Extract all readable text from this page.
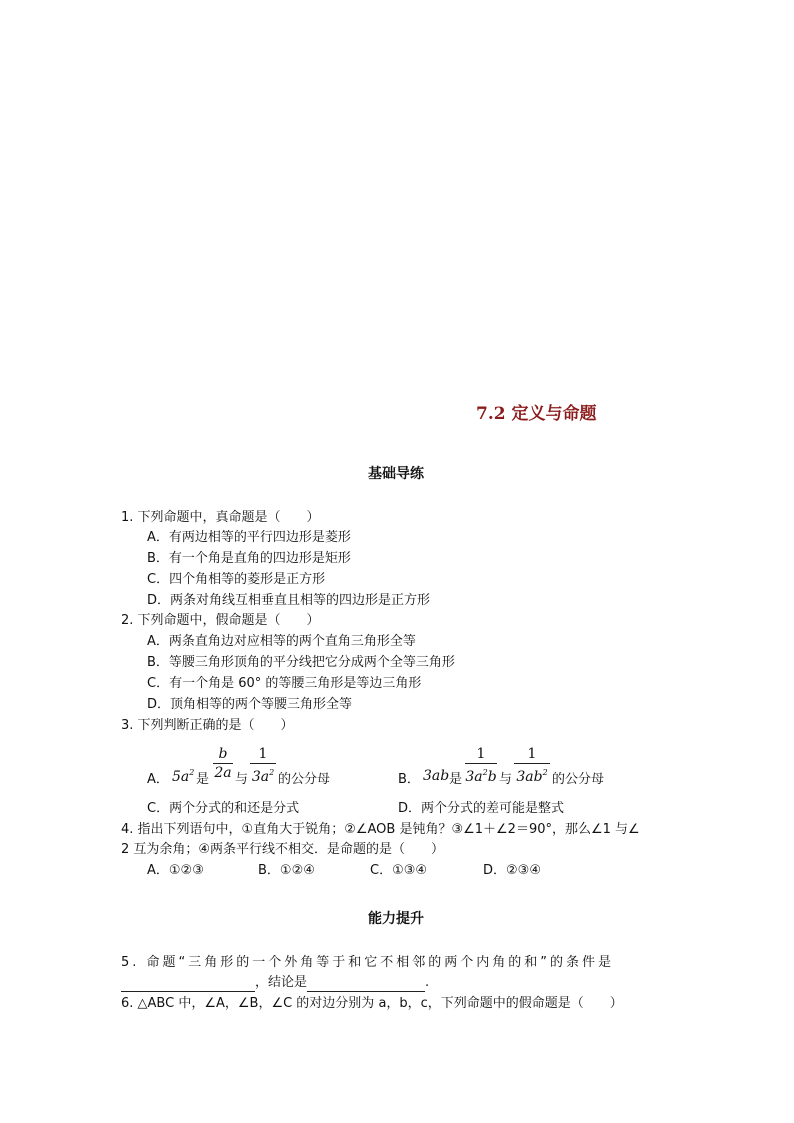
7.2 定义与命题
基础导练
1. 下列命题中，真命题是（　　）
A．有两边相等的平行四边形是菱形
B．有一个角是直角的四边形是矩形
C．四个角相等的菱形是正方形
D．两条对角线互相垂直且相等的四边形是正方形
2. 下列命题中，假命题是（　　）
A．两条直角边对应相等的两个直角三角形全等
B．等腰三角形顶角的平分线把它分成两个全等三角形
C．有一个角是 60° 的等腰三角形是等边三角形
D．顶角相等的两个等腰三角形全等
3. 下列判断正确的是（　　）
A． $5a^2$ 是
b
2a 与
1
$3a^2$ 的公分母	B． 3ab 是
1
$3a^2b$ 与
1
$3ab^2$ 的公分母
C．两个分式的和还是分式	D．两个分式的差可能是整式
4. 指出下列语句中，①直角大于锐角；②∠AOB 是钝角？③∠1＋∠2＝90°，那么∠1 与∠
2 互为余角；④两条平行线不相交．是命题的是（　　）
A．①②③	B．①②④	C．①③④	D．②③④
能力提升
5. 命题“三角形的一个外角等于和它不相邻的两个内角的和”的条件是
，结论是	.
6. △ABC 中，∠A，∠B，∠C 的对边分别为 a，b，c，下列命题中的假命题是（　　）
